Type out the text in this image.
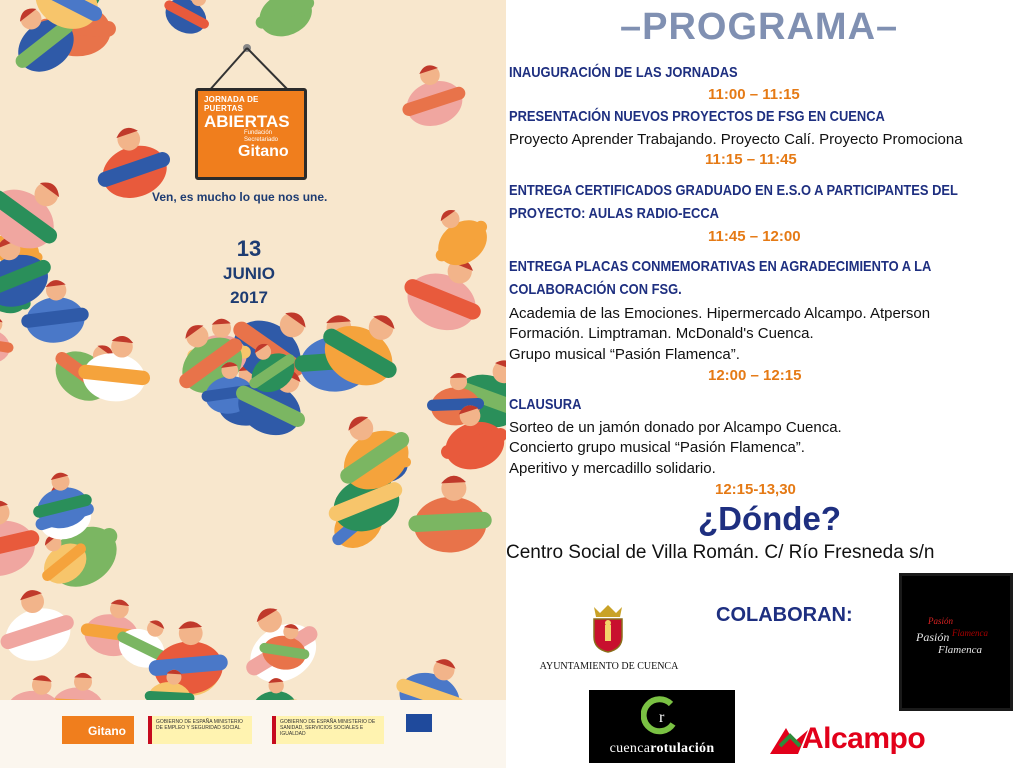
JORNADA DE PUERTAS
ABIERTAS
Fundación Secretariado
Gitano
Ven, es mucho lo que nos une.
13
JUNIO
2017
Gitano
GOBIERNO DE ESPAÑA MINISTERIO DE EMPLEO Y SEGURIDAD SOCIAL
GOBIERNO DE ESPAÑA MINISTERIO DE SANIDAD, SERVICIOS SOCIALES E IGUALDAD
–PROGRAMA–
INAUGURACIÓN DE LAS JORNADAS
11:00 – 11:15
PRESENTACIÓN NUEVOS PROYECTOS DE FSG EN CUENCA
Proyecto Aprender Trabajando. Proyecto Calí. Proyecto Promociona
11:15 – 11:45
ENTREGA CERTIFICADOS GRADUADO EN E.S.O A PARTICIPANTES DEL
PROYECTO: AULAS RADIO-ECCA
11:45 – 12:00
ENTREGA PLACAS CONMEMORATIVAS EN AGRADECIMIENTO A LA
COLABORACIÓN CON FSG.
Academia de las Emociones. Hipermercado Alcampo. Atperson
Formación. Limptraman. McDonald's Cuenca.
Grupo musical “Pasión Flamenca”.
12:00 – 12:15
CLAUSURA
Sorteo de un jamón donado por Alcampo Cuenca.
Concierto grupo musical “Pasión Flamenca”.
Aperitivo y mercadillo solidario.
12:15-13,30
¿Dónde?
Centro Social de Villa Román. C/ Río Fresneda s/n
COLABORAN:
AYUNTAMIENTO DE CUENCA
Pasión
Pasión Flamenca
Flamenca
r
cuencarotulación	Alcampo
